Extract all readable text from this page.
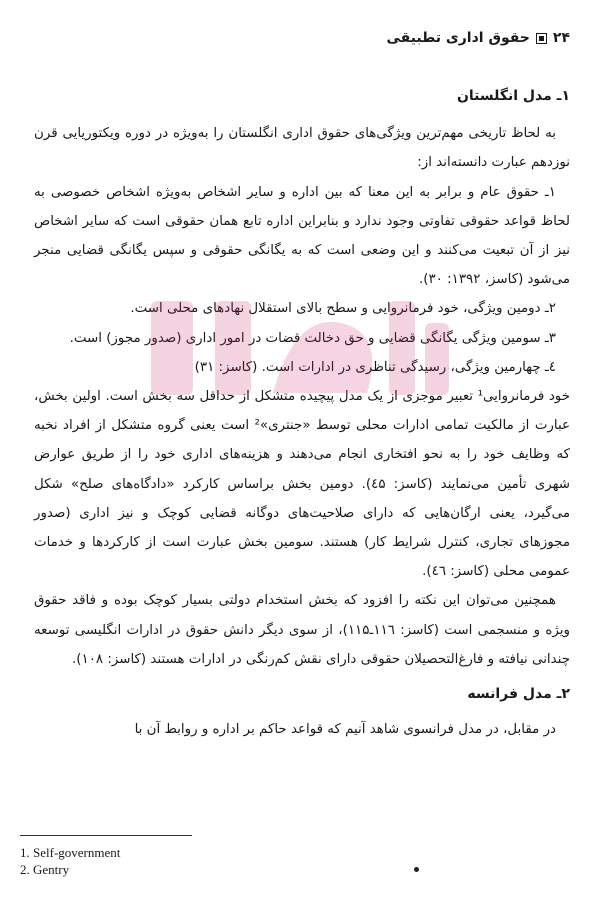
۲۴
حقوق اداری تطبیقی

۱ـ مدل انگلستان

به لحاظ تاریخی مهم‌ترین ویژگی‌های حقوق اداری انگلستان را به‌ویژه در دوره ویکتوریایی قرن نوزدهم عبارت دانسته‌اند از:

۱ـ حقوق عام و برابر به این معنا که بین اداره و سایر اشخاص به‌ویژه اشخاص خصوصی به لحاظ قواعد حقوقی تفاوتی وجود ندارد و بنابراین اداره تابع همان حقوقی است که سایر اشخاص نیز از آن تبعیت می‌کنند و این وضعی است که به یگانگی حقوقی و سپس یگانگی قضایی منجر می‌شود (کاسز، ۱۳۹۲: ۳۰).

۲ـ دومین ویژگی، خود فرمانروایی و سطح بالای استقلال نهادهای محلی است.

۳ـ سومین ویژگی یگانگی قضایی و حق دخالت قضات در امور اداری (صدور مجوز) است.

٤ـ چهارمین ویژگی، رسیدگی تناظری در ادارات است. (کاسز: ۳۱)

خود فرمانروایی¹ تعبیر موجزی از یک مدل پیچیده متشکل از حداقل سه بخش است. اولین بخش، عبارت از مالکیت تمامی ادارات محلی توسط «جنتری»² است یعنی گروه متشکل از افراد نخبه که وظایف خود را به نحو افتخاری انجام می‌دهند و هزینه‌های اداری خود را از طریق عوارض شهری تأمین می‌نمایند (کاسز: ٤۵). دومین بخش براساس کارکرد «دادگاه‌های صلح» شکل می‌گیرد، یعنی ارگان‌هایی که دارای صلاحیت‌های دوگانه قضایی کوچک و نیز اداری (صدور مجوزهای تجاری، کنترل شرایط کار) هستند. سومین بخش عبارت است از کارکردها و خدمات عمومی محلی (کاسز: ٤٦).

همچنین می‌توان این نکته را افزود که بخش استخدام دولتی بسیار کوچک بوده و فاقد حقوق ویژه و منسجمی است (کاسز: ۱۱٦ـ۱۱۵)، از سوی دیگر دانش حقوق در ادارات انگلیسی توسعه چندانی نیافته و فارغ‌التحصیلان حقوقی دارای نقش کم‌رنگی در ادارات هستند (کاسز: ۱۰۸).

۲ـ مدل فرانسه

در مقابل، در مدل فرانسوی شاهد آنیم که قواعد حاکم بر اداره و روابط آن با

1. Self-government
2. Gentry
